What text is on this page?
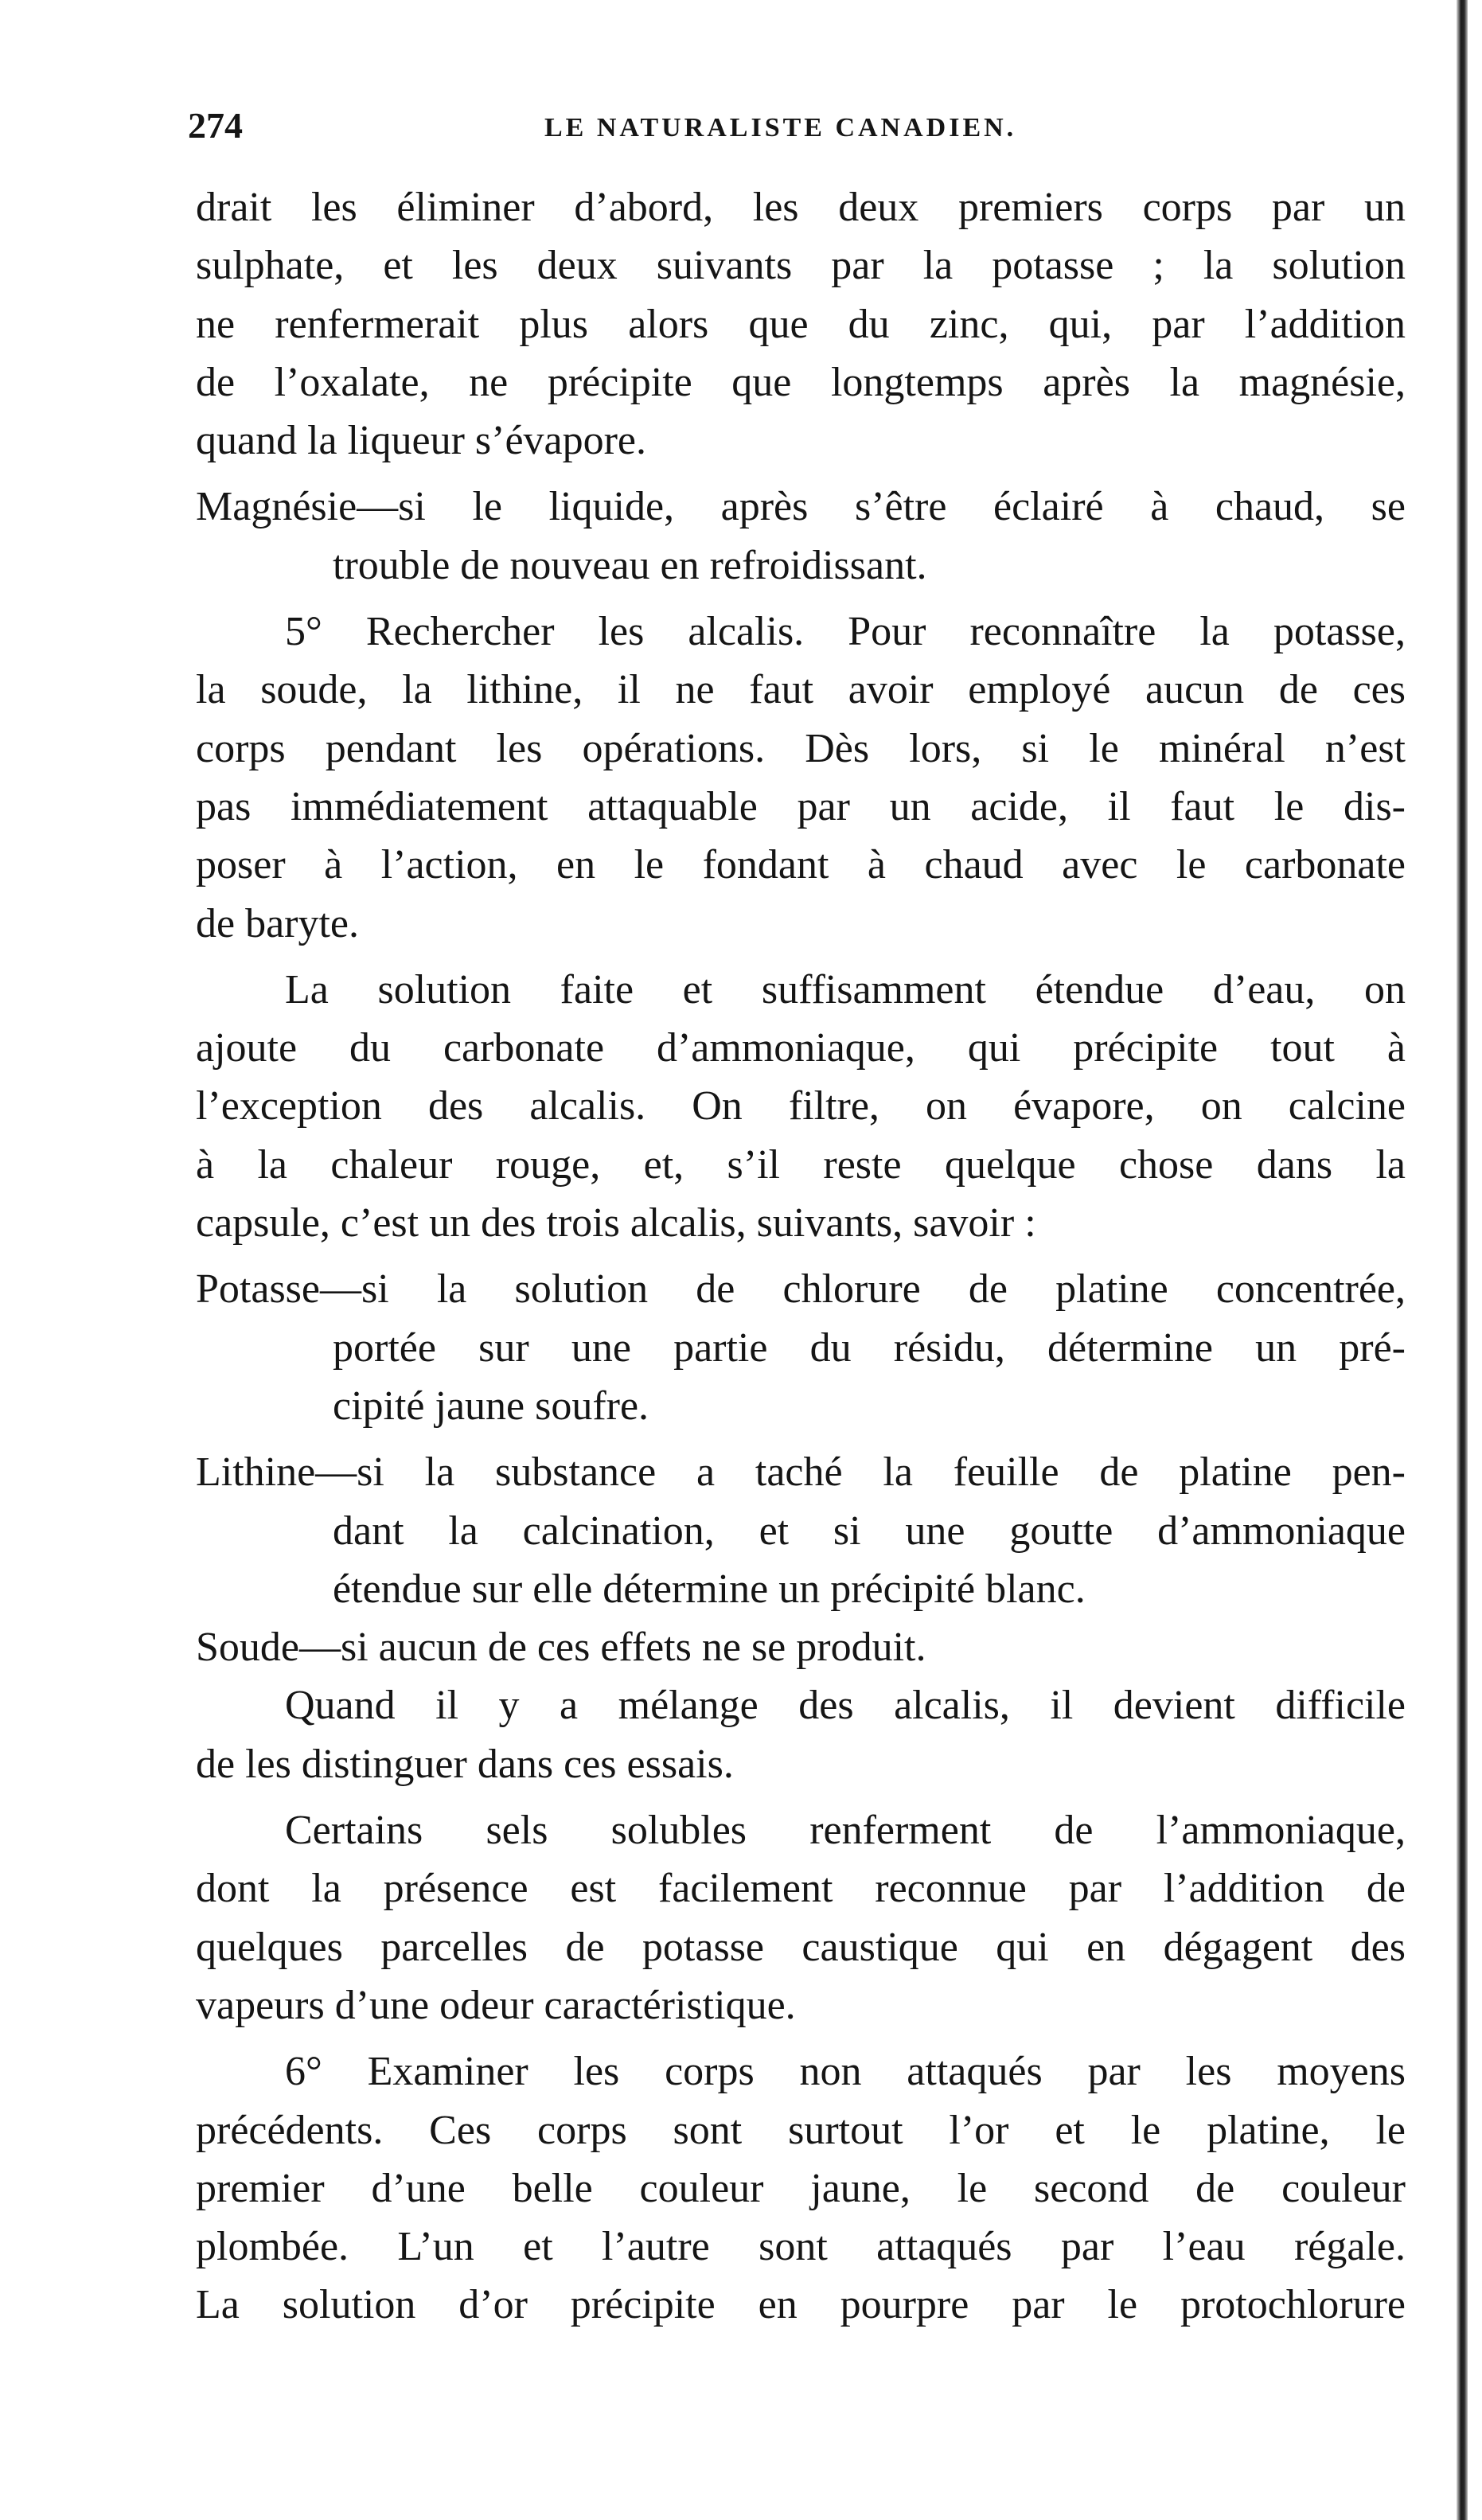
274	LE NATURALISTE CANADIEN.
drait les éliminer d’abord, les deux premiers corps par un
sulphate, et les deux suivants par la potasse ; la solution
ne renfermerait plus alors que du zinc, qui, par l’addition
de l’oxalate, ne précipite que longtemps après la magnésie,
quand la liqueur s’évapore.
Magnésie—si le liquide, après s’être éclairé à chaud, se
trouble de nouveau en refroidissant.
5° Rechercher les alcalis. Pour reconnaître la potasse,
la soude, la lithine, il ne faut avoir employé aucun de ces
corps pendant les opérations. Dès lors, si le minéral n’est
pas immédiatement attaquable par un acide, il faut le dis-
poser à l’action, en le fondant à chaud avec le carbonate
de baryte.
La solution faite et suffisamment étendue d’eau, on
ajoute du carbonate d’ammoniaque, qui précipite tout à
l’exception des alcalis. On filtre, on évapore, on calcine
à la chaleur rouge, et, s’il reste quelque chose dans la
capsule, c’est un des trois alcalis, suivants, savoir :
Potasse—si la solution de chlorure de platine concentrée,
portée sur une partie du résidu, détermine un pré-
cipité jaune soufre.
Lithine—si la substance a taché la feuille de platine pen-
dant la calcination, et si une goutte d’ammoniaque
étendue sur elle détermine un précipité blanc.
Soude—si aucun de ces effets ne se produit.
Quand il y a mélange des alcalis, il devient difficile
de les distinguer dans ces essais.
Certains sels solubles renferment de l’ammoniaque,
dont la présence est facilement reconnue par l’addition de
quelques parcelles de potasse caustique qui en dégagent des
vapeurs d’une odeur caractéristique.
6° Examiner les corps non attaqués par les moyens
précédents. Ces corps sont surtout l’or et le platine, le
premier d’une belle couleur jaune, le second de couleur
plombée. L’un et l’autre sont attaqués par l’eau régale.
La solution d’or précipite en pourpre par le protochlorure
